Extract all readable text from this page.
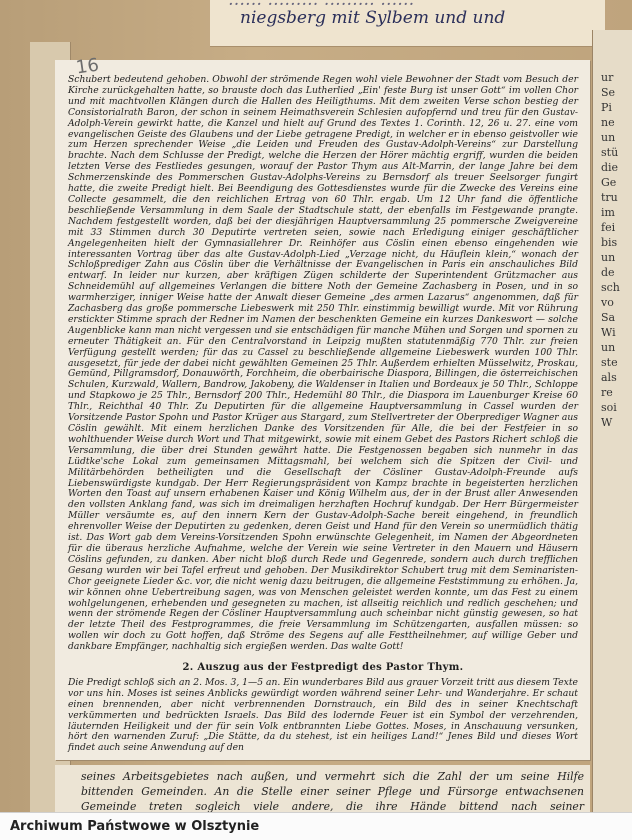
…… ……… ……… ……
niegsberg mit Sylbem und und
ur
Se
Pi
ne
un
stü
die
Ge
tru
im
fei
bis
un
de
sch
vo
Sa
Wi
un
ste
als
re
soi
W
16

Schubert bedeutend gehoben. Obwohl der strömende Regen wohl viele Bewohner der Stadt vom Besuch der Kirche zurückgehalten hatte, so brauste doch das Lutherlied „Ein' feste Burg ist unser Gott“ im vollen Chor und mit machtvollen Klängen durch die Hallen des Heiligthums. Mit dem zweiten Verse schon bestieg der Consistorialrath Baron, der schon in seinem Heimathsverein Schlesien aufopfernd und treu für den Gustav-Adolph-Verein gewirkt hatte, die Kanzel und hielt auf Grund des Textes 1. Corinth. 12, 26 u. 27. eine vom evangelischen Geiste des Glaubens und der Liebe getragene Predigt, in welcher er in ebenso geistvoller wie zum Herzen sprechender Weise „die Leiden und Freuden des Gustav-Adolph-Vereins“ zur Darstellung brachte. Nach dem Schlusse der Predigt, welche die Herzen der Hörer mächtig ergriff, wurden die beiden letzten Verse des Festliedes gesungen, worauf der Pastor Thym aus Alt-Marrin, der lange Jahre bei dem Schmerzenskinde des Pommerschen Gustav-Adolphs-Vereins zu Bernsdorf als treuer Seelsorger fungirt hatte, die zweite Predigt hielt. Bei Beendigung des Gottesdienstes wurde für die Zwecke des Vereins eine Collecte gesammelt, die den reichlichen Ertrag von 60 Thlr. ergab. Um 12 Uhr fand die öffentliche beschließende Versammlung in dem Saale der Stadtschule statt, der ebenfalls im Festgewande prangte. Nachdem festgestellt worden, daß bei der diesjährigen Hauptversammlung 25 pommersche Zweigvereine mit 33 Stimmen durch 30 Deputirte vertreten seien, sowie nach Erledigung einiger geschäftlicher Angelegenheiten hielt der Gymnasiallehrer Dr. Reinhöfer aus Cöslin einen ebenso eingehenden wie interessanten Vortrag über das alte Gustav-Adolph-Lied „Verzage nicht, du Häuflein klein,“ wonach der Schloßprediger Zahn aus Cöslin über die Verhältnisse der Evangelischen in Paris ein anschauliches Bild entwarf. In leider nur kurzen, aber kräftigen Zügen schilderte der Superintendent Grützmacher aus Schneidemühl auf allgemeines Verlangen die bittere Noth der Gemeine Zachasberg in Posen, und in so warmherziger, inniger Weise hatte der Anwalt dieser Gemeine „des armen Lazarus“ angenommen, daß für Zachasberg das große pommersche Liebeswerk mit 250 Thlr. einstimmig bewilligt wurde. Mit vor Rührung erstickter Stimme sprach der Redner im Namen der beschenkten Gemeine ein kurzes Dankeswort — solche Augenblicke kann man nicht vergessen und sie entschädigen für manche Mühen und Sorgen und spornen zu erneuter Thätigkeit an. Für den Centralvorstand in Leipzig mußten statutenmäßig 770 Thlr. zur freien Verfügung gestellt werden; für das zu Cassel zu beschließende allgemeine Liebeswerk wurden 100 Thlr. ausgesetzt, für jede der dabei nicht gewählten Gemeinen 25 Thlr. Außerdem erhielten Müsselwitz, Proskau, Gemünd, Pillgramsdorf, Donauwörth, Forchheim, die oberbairische Diaspora, Billingen, die österreichischen Schulen, Kurzwald, Wallern, Bandrow, Jakobeny, die Waldenser in Italien und Bordeaux je 50 Thlr., Schloppe und Stapkowo je 25 Thlr., Bernsdorf 200 Thlr., Hedemühl 80 Thlr., die Diaspora im Lauenburger Kreise 60 Thlr., Reichthal 40 Thlr. Zu Deputirten für die allgemeine Hauptversammlung in Cassel wurden der Vorsitzende Pastor Spohn und Pastor Krüger aus Stargard, zum Stellvertreter der Oberprediger Wagner aus Cöslin gewählt. Mit einem herzlichen Danke des Vorsitzenden für Alle, die bei der Festfeier in so wohlthuender Weise durch Wort und That mitgewirkt, sowie mit einem Gebet des Pastors Richert schloß die Versammlung, die über drei Stunden gewährt hatte. Die Festgenossen begaben sich nunmehr in das Lüdtke'sche Lokal zum gemeinsamen Mittagsmahl, bei welchem sich die Spitzen der Civil- und Militärbehörden betheiligten und die Gesellschaft der Cösliner Gustav-Adolph-Freunde aufs Liebenswürdigste kundgab. Der Herr Regierungspräsident von Kampz brachte in begeisterten herzlichen Worten den Toast auf unsern erhabenen Kaiser und König Wilhelm aus, der in der Brust aller Anwesenden den vollsten Anklang fand, was sich im dreimaligen herzhaften Hochruf kundgab. Der Herr Bürgermeister Müller versäumte es, auf den innern Kern der Gustav-Adolph-Sache bereit eingehend, in freundlich ehrenvoller Weise der Deputirten zu gedenken, deren Geist und Hand für den Verein so unermüdlich thätig ist. Das Wort gab dem Vereins-Vorsitzenden Spohn erwünschte Gelegenheit, im Namen der Abgeordneten für die überaus herzliche Aufnahme, welche der Verein wie seine Vertreter in den Mauern und Häusern Cöslins gefunden, zu danken. Aber nicht bloß durch Rede und Gegenrede, sondern auch durch trefflichen Gesang wurden wir bei Tafel erfreut und gehoben. Der Musikdirektor Schubert trug mit dem Seminaristen-Chor geeignete Lieder &c. vor, die nicht wenig dazu beitrugen, die allgemeine Feststimmung zu erhöhen. Ja, wir können ohne Uebertreibung sagen, was von Menschen geleistet werden konnte, um das Fest zu einem wohlgelungenen, erhebenden und gesegneten zu machen, ist allseitig reichlich und redlich geschehen; und wenn der strömende Regen der Cösliner Hauptversammlung auch scheinbar nicht günstig gewesen, so hat der letzte Theil des Festprogrammes, die freie Versammlung im Schützengarten, ausfallen müssen: so wollen wir doch zu Gott hoffen, daß Ströme des Segens auf alle Festtheilnehmer, auf willige Geber und dankbare Empfänger, nachhaltig sich ergießen werden. Das walte Gott!

2. Auszug aus der Festpredigt des Pastor Thym.

Die Predigt schloß sich an 2. Mos. 3, 1—5 an. Ein wunderbares Bild aus grauer Vorzeit tritt aus diesem Texte vor uns hin. Moses ist seines Anblicks gewürdigt worden während seiner Lehr- und Wanderjahre. Er schaut einen brennenden, aber nicht verbrennenden Dornstrauch, ein Bild des in seiner Knechtschaft verkümmerten und bedrückten Israels. Das Bild des lodernde Feuer ist ein Symbol der verzehrenden, läuternden Heiligkeit und der für sein Volk entbrannten Liebe Gottes. Moses, in Anschauung versunken, hört den warnenden Zuruf: „Die Stätte, da du stehest, ist ein heiliges Land!“ Jenes Bild und dieses Wort findet auch seine Anwendung auf den

seines Arbeitsgebietes nach außen, und vermehrt sich die Zahl der um seine Hilfe bittenden Gemeinden. An die Stelle einer seiner Pflege und Fürsorge entwachsenen Gemeinde treten sogleich viele andere, die ihre Hände bittend nach seiner
Archiwum Państwowe w Olsztynie
